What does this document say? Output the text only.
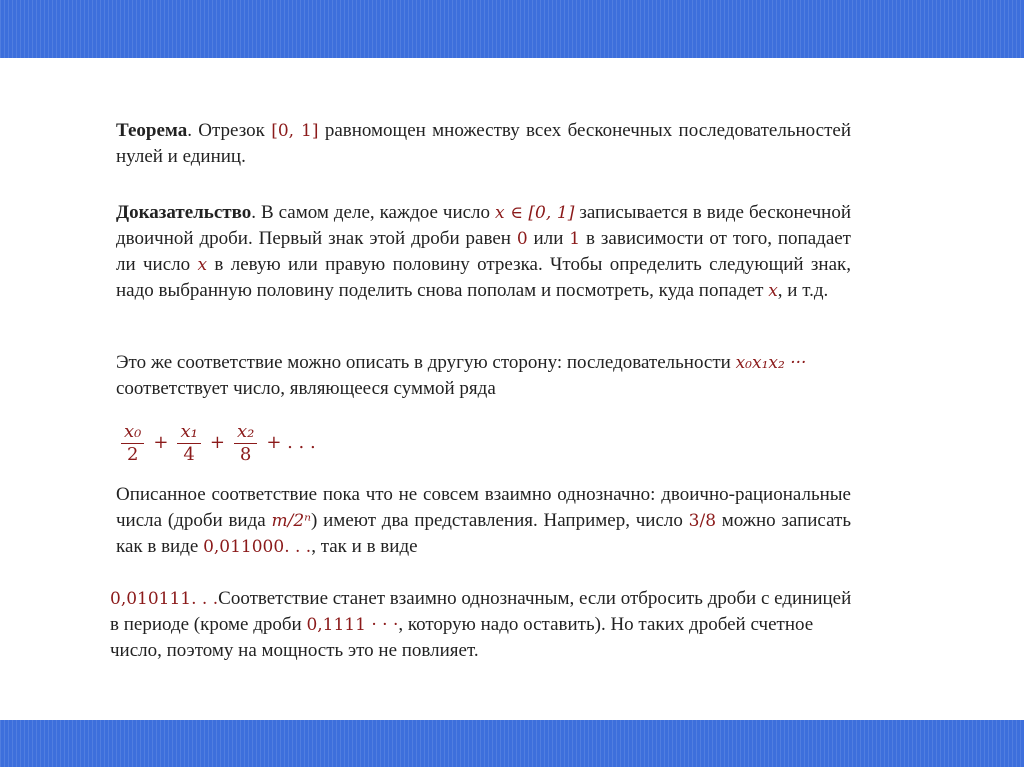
Теорема. Отрезок [0, 1] равномощен множеству всех бесконечных последовательностей нулей и единиц.

Доказательство. В самом деле, каждое число x ∈ [0, 1] записывается в виде бесконечной двоичной дроби. Первый знак этой дроби равен 0 или 1 в зависимости от того, попадает ли число x в левую или правую половину отрезка. Чтобы определить следующий знак, надо выбранную половину поделить снова пополам и посмотреть, куда попадет x, и т.д.

Это же соответствие можно описать в другую сторону: последовательности x₀x₁x₂ ··· соответствует число, являющееся суммой ряда

$\frac{\text{x₀}}{2} + \frac{\text{x₁}}{4} + \frac{\text{x₂}}{8}$ + . . .

Описанное соответствие пока что не совсем взаимно однозначно: двоично-рациональные числа (дроби вида m/2ⁿ) имеют два представления. Например, число 3/8 можно записать как в виде 0,011000. . ., так и в виде

0,010111. . .Соответствие станет взаимно однозначным, если отбросить дроби с единицей в периоде (кроме дроби 0,1111 · · ·, которую надо оставить). Но таких дробей счетное число, поэтому на мощность это не повлияет.
